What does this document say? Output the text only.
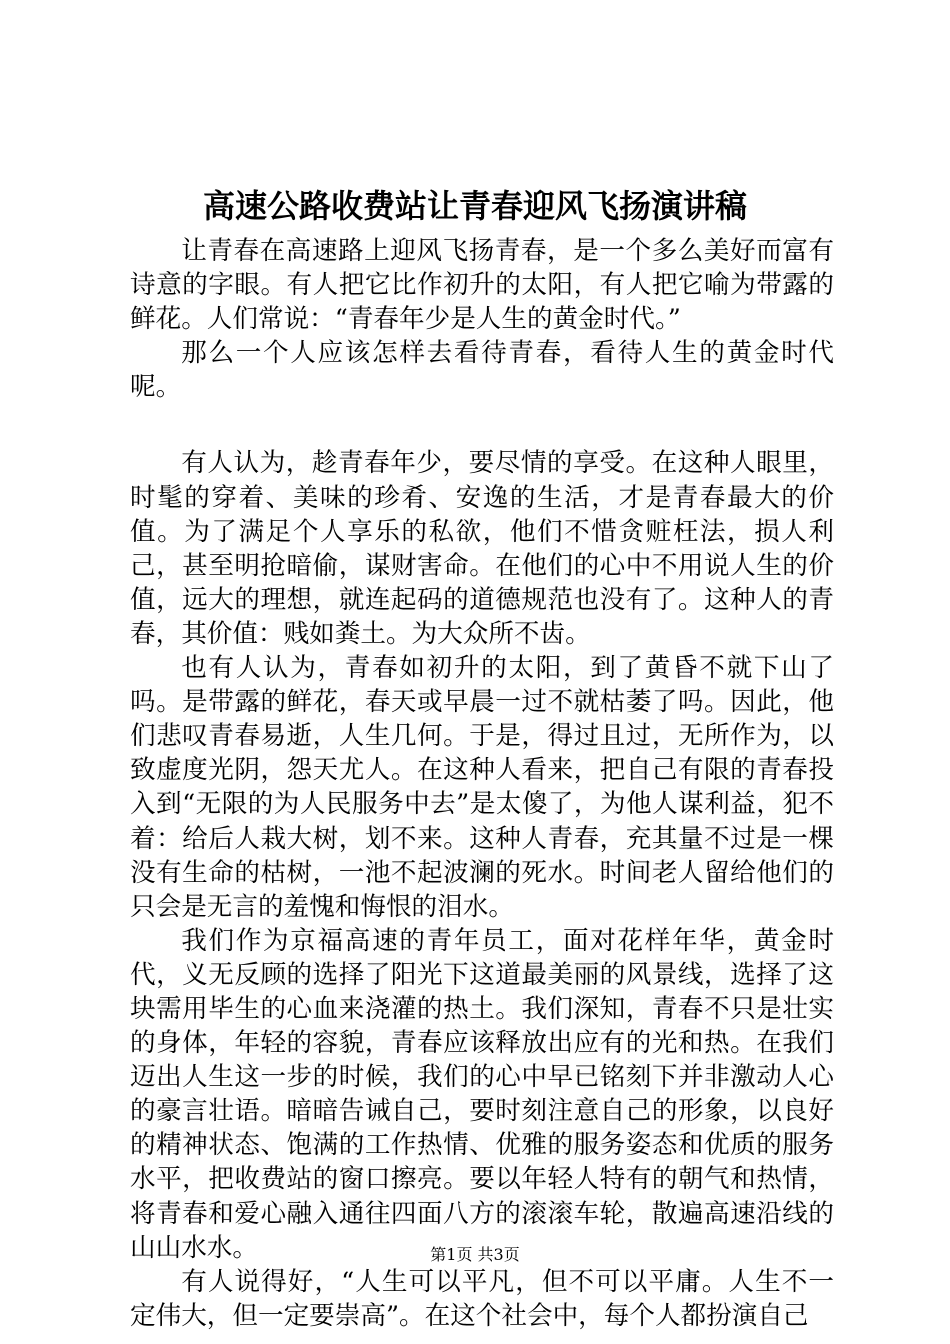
高速公路收费站让青春迎风飞扬演讲稿

让青春在高速路上迎风飞扬青春，是一个多么美好而富有诗意的字眼。有人把它比作初升的太阳，有人把它喻为带露的鲜花。人们常说：“青春年少是人生的黄金时代。”

那么一个人应该怎样去看待青春，看待人生的黄金时代呢。

有人认为，趁青春年少，要尽情的享受。在这种人眼里，时髦的穿着、美味的珍肴、安逸的生活，才是青春最大的价值。为了满足个人享乐的私欲，他们不惜贪赃枉法，损人利己，甚至明抢暗偷，谋财害命。在他们的心中不用说人生的价值，远大的理想，就连起码的道德规范也没有了。这种人的青春，其价值：贱如粪土。为大众所不齿。

也有人认为，青春如初升的太阳，到了黄昏不就下山了吗。是带露的鲜花，春天或早晨一过不就枯萎了吗。因此，他们悲叹青春易逝，人生几何。于是，得过且过，无所作为，以致虚度光阴，怨天尤人。在这种人看来，把自己有限的青春投入到“无限的为人民服务中去”是太傻了，为他人谋利益，犯不着：给后人栽大树，划不来。这种人青春，充其量不过是一棵没有生命的枯树，一池不起波澜的死水。时间老人留给他们的只会是无言的羞愧和悔恨的泪水。

我们作为京福高速的青年员工，面对花样年华，黄金时代，义无反顾的选择了阳光下这道最美丽的风景线，选择了这块需用毕生的心血来浇灌的热土。我们深知，青春不只是壮实的身体，年轻的容貌，青春应该释放出应有的光和热。在我们迈出人生这一步的时候，我们的心中早已铭刻下并非激动人心的豪言壮语。暗暗告诫自己，要时刻注意自己的形象，以良好的精神状态、饱满的工作热情、优雅的服务姿态和优质的服务水平，把收费站的窗口擦亮。要以年轻人特有的朝气和热情，将青春和爱心融入通往四面八方的滚滚车轮，散遍高速沿线的山山水水。

有人说得好，“人生可以平凡，但不可以平庸。人生不一定伟大，但一定要崇高”。在这个社会中，每个人都扮演自己

第1页 共3页
